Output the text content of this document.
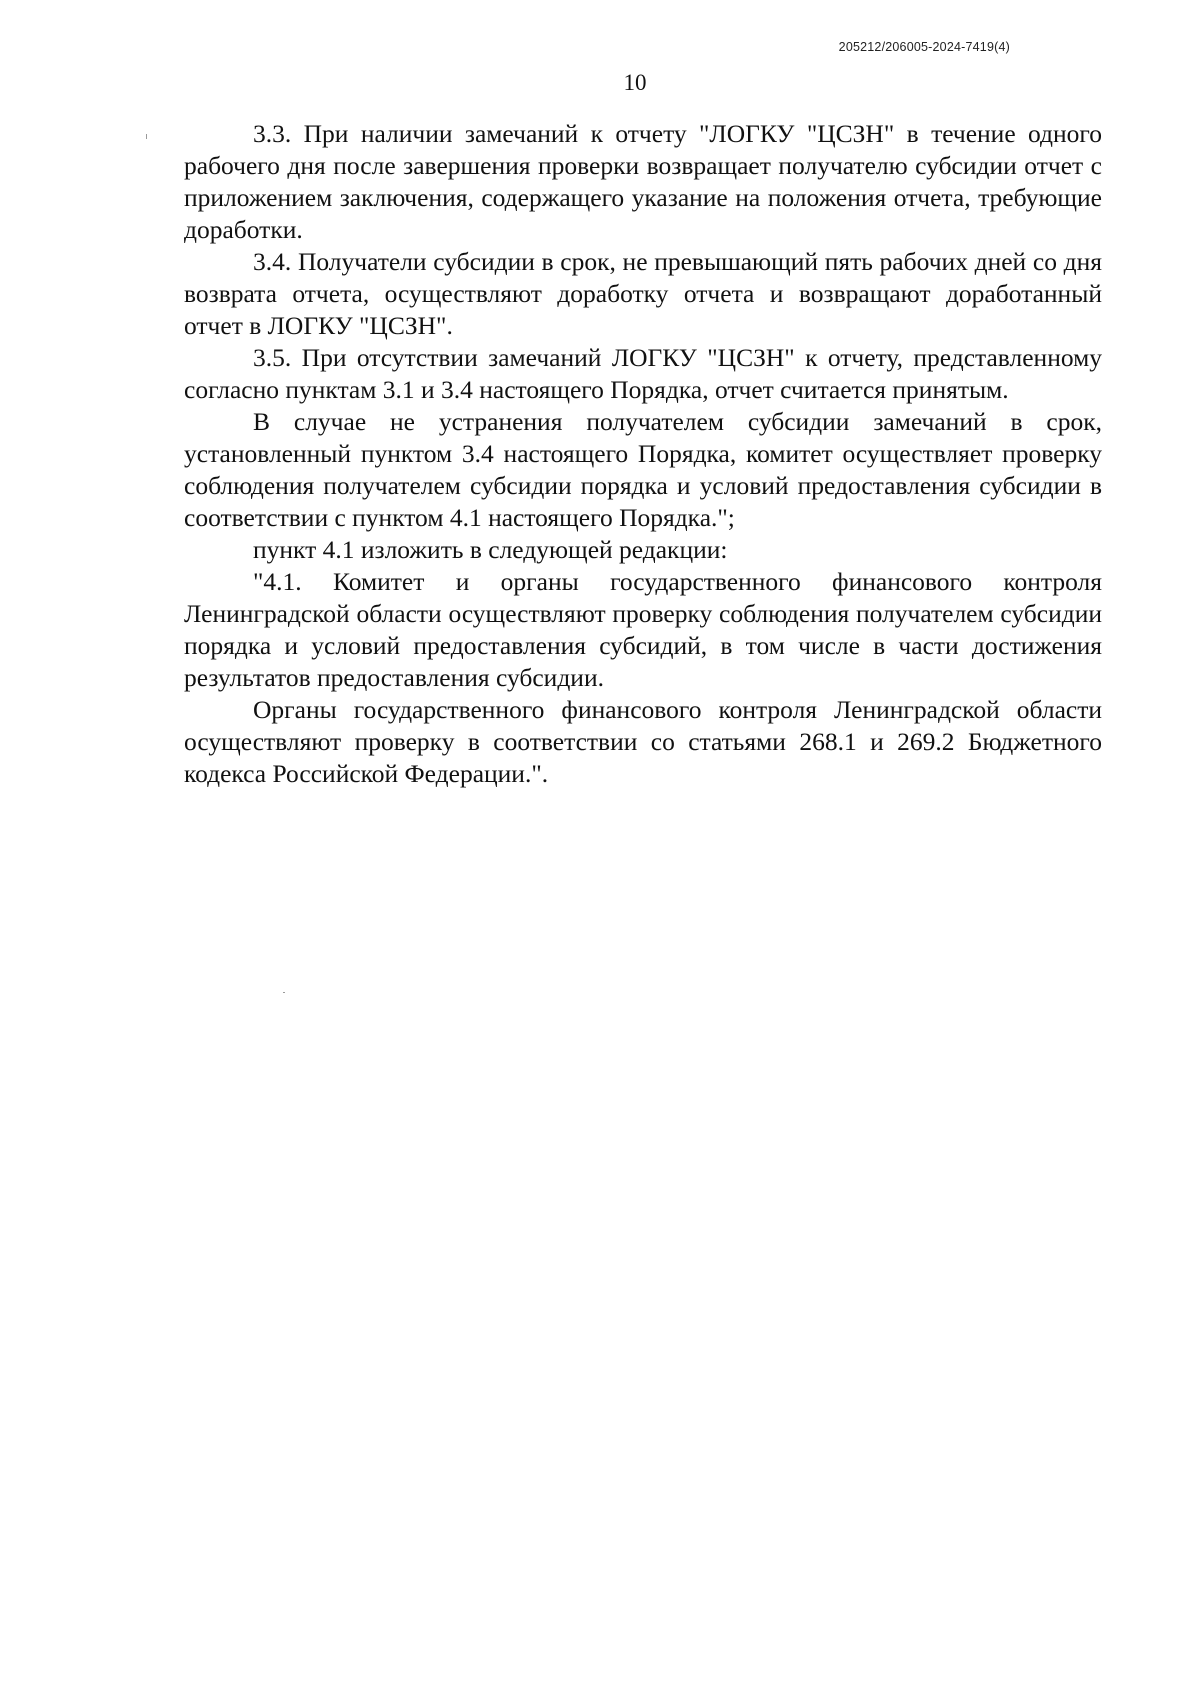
205212/206005-2024-7419(4)
10

3.3. При наличии замечаний к отчету "ЛОГКУ "ЦСЗН" в течение одного рабочего дня после завершения проверки возвращает получателю субсидии отчет с приложением заключения, содержащего указание на положения отчета, требующие доработки.

3.4. Получатели субсидии в срок, не превышающий пять рабочих дней со дня возврата отчета, осуществляют доработку отчета и возвращают доработанный отчет в ЛОГКУ "ЦСЗН".

3.5. При отсутствии замечаний ЛОГКУ "ЦСЗН" к отчету, представленному согласно пунктам 3.1 и 3.4 настоящего Порядка, отчет считается принятым.

В случае не устранения получателем субсидии замечаний в срок, установленный пунктом 3.4 настоящего Порядка, комитет осуществляет проверку соблюдения получателем субсидии порядка и условий предоставления субсидии в соответствии с пунктом 4.1 настоящего Порядка.";

пункт 4.1 изложить в следующей редакции:

"4.1. Комитет и органы государственного финансового контроля Ленинградской области осуществляют проверку соблюдения получателем субсидии порядка и условий предоставления субсидий, в том числе в части достижения результатов предоставления субсидии.

Органы государственного финансового контроля Ленинградской области осуществляют проверку в соответствии со статьями 268.1 и 269.2 Бюджетного кодекса Российской Федерации.".
